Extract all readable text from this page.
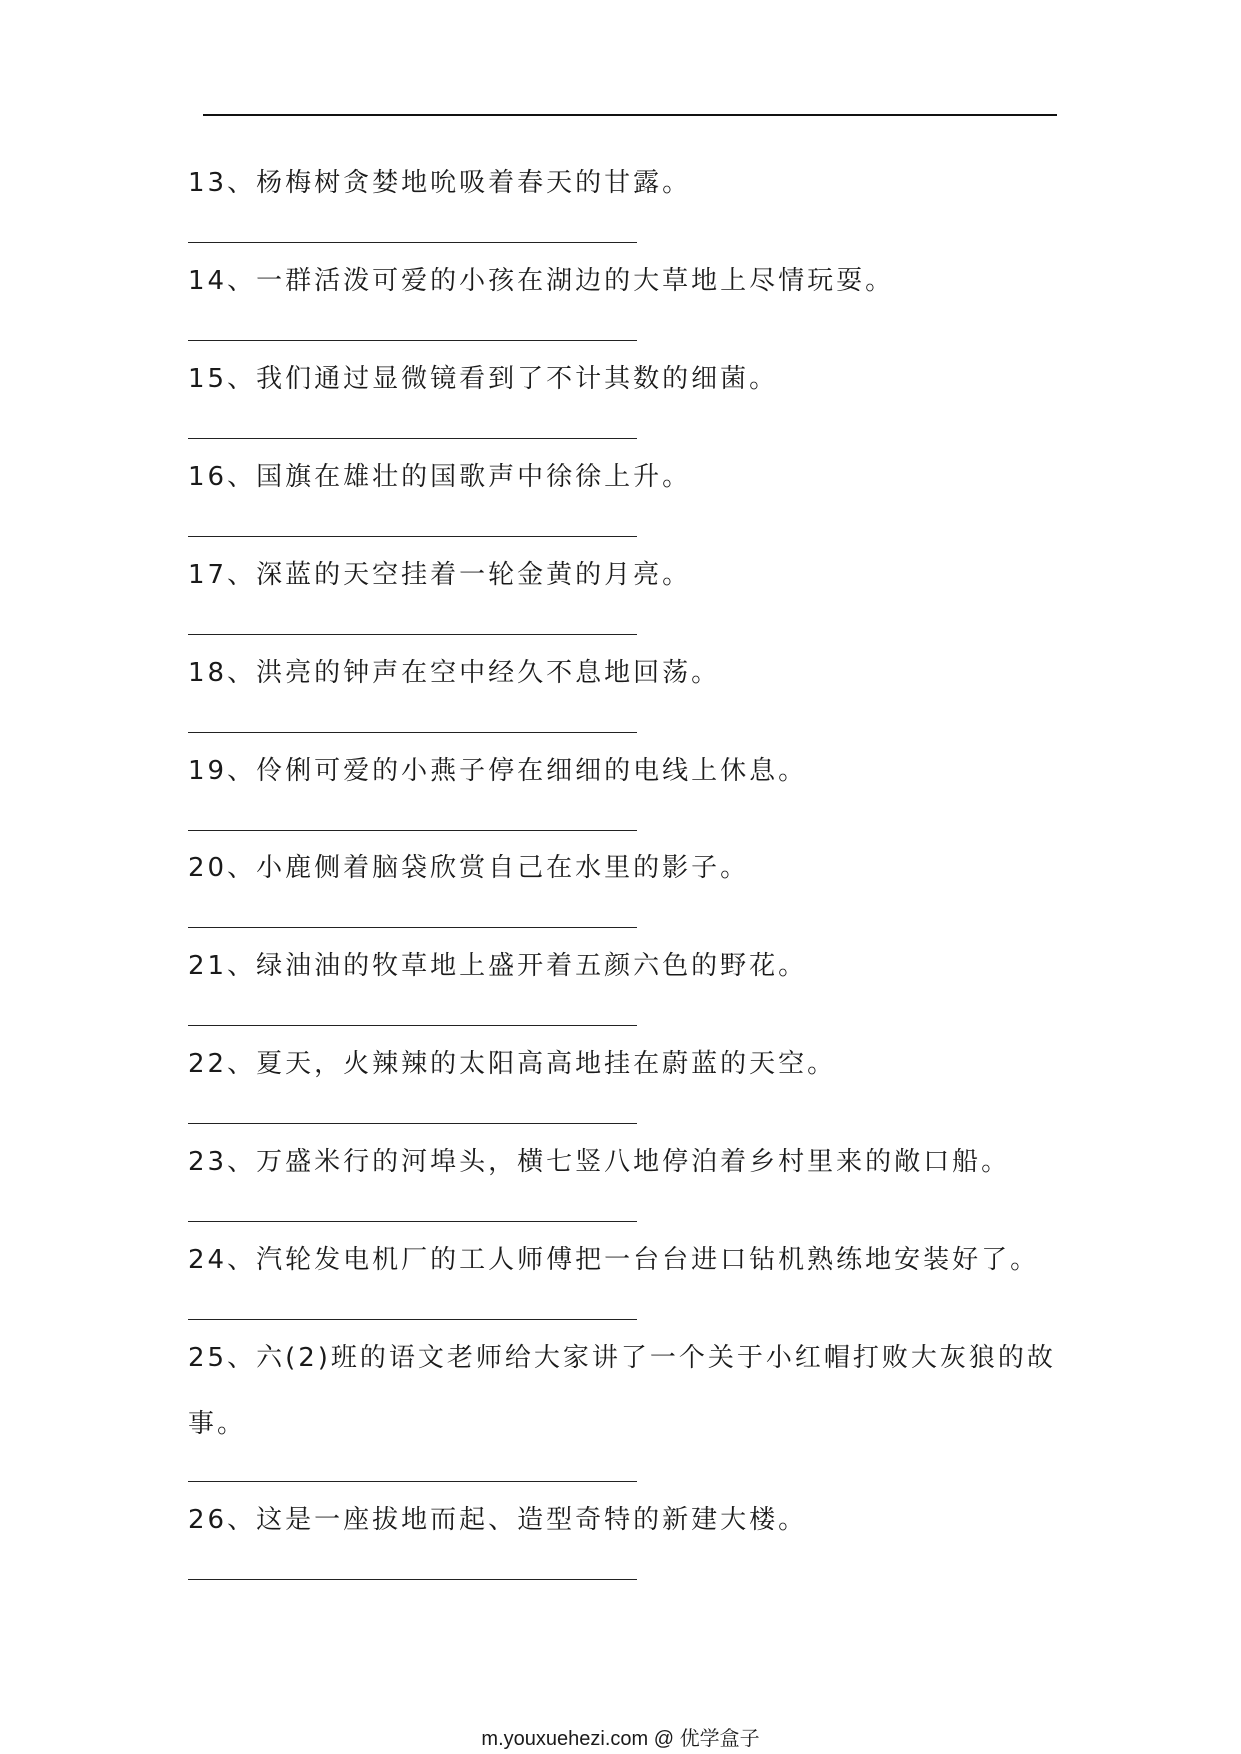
13、杨梅树贪婪地吮吸着春天的甘露。
14、一群活泼可爱的小孩在湖边的大草地上尽情玩耍。
15、我们通过显微镜看到了不计其数的细菌。
16、国旗在雄壮的国歌声中徐徐上升。
17、深蓝的天空挂着一轮金黄的月亮。
18、洪亮的钟声在空中经久不息地回荡。
19、伶俐可爱的小燕子停在细细的电线上休息。
20、小鹿侧着脑袋欣赏自己在水里的影子。
21、绿油油的牧草地上盛开着五颜六色的野花。
22、夏天，火辣辣的太阳高高地挂在蔚蓝的天空。
23、万盛米行的河埠头，横七竖八地停泊着乡村里来的敞口船。
24、汽轮发电机厂的工人师傅把一台台进口钻机熟练地安装好了。
25、六(2)班的语文老师给大家讲了一个关于小红帽打败大灰狼的故事。
26、这是一座拔地而起、造型奇特的新建大楼。
m.youxuehezi.com @ 优学盒子
